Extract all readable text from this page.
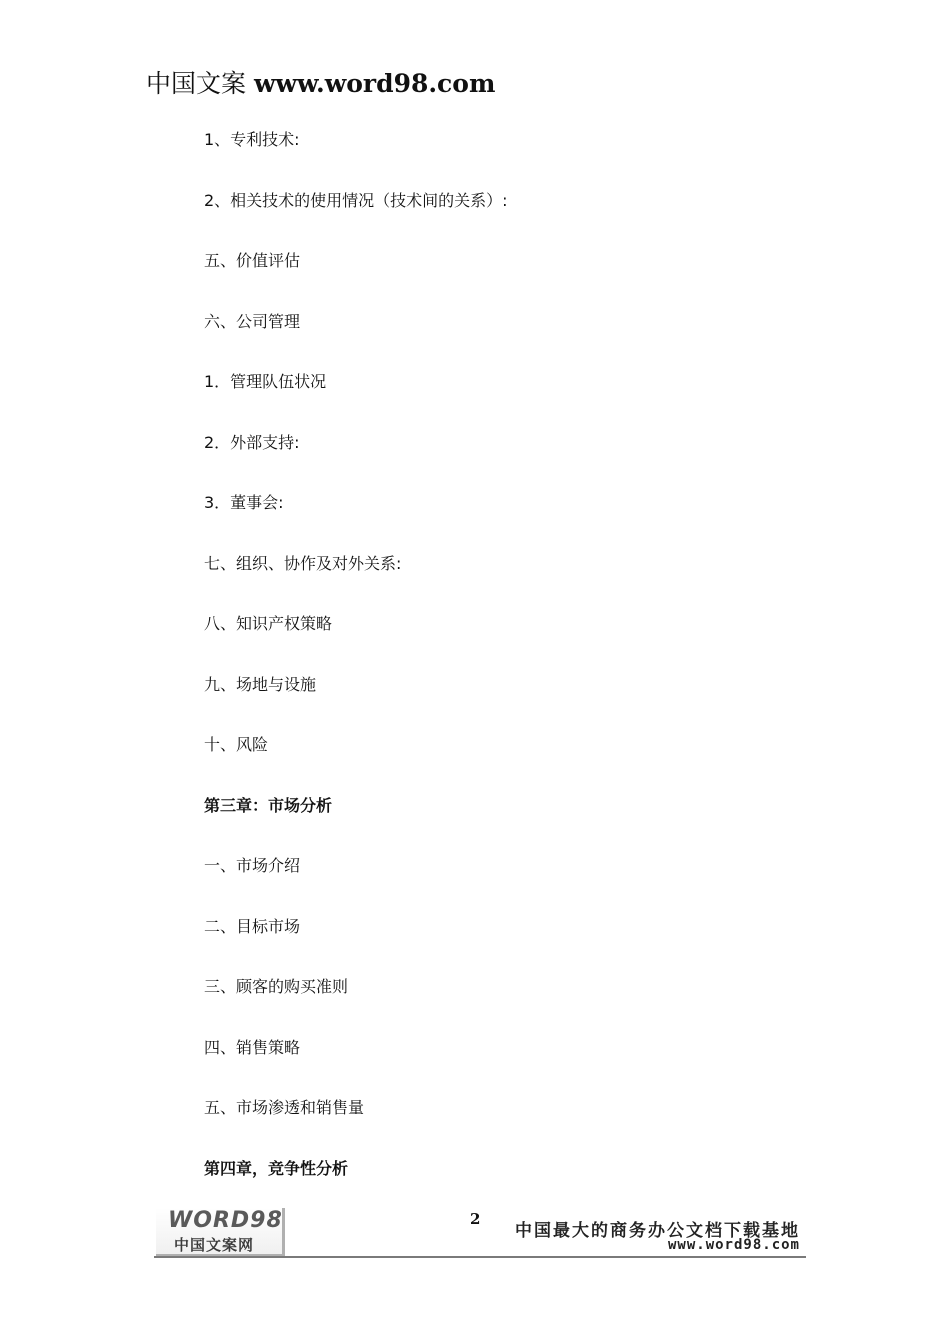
中国文案 www.word98.com
1、专利技术:
2、相关技术的使用情况（技术间的关系）:
五、价值评估
六、公司管理
1．管理队伍状况
2．外部支持:
3．董事会:
七、组织、协作及对外关系:
八、知识产权策略
九、场地与设施
十、风险
第三章：市场分析
一、市场介绍
二、目标市场
三、顾客的购买准则
四、销售策略
五、市场渗透和销售量
第四章，竞争性分析
WORD98
中国文案网
2
中国最大的商务办公文档下载基地
www.word98.com
